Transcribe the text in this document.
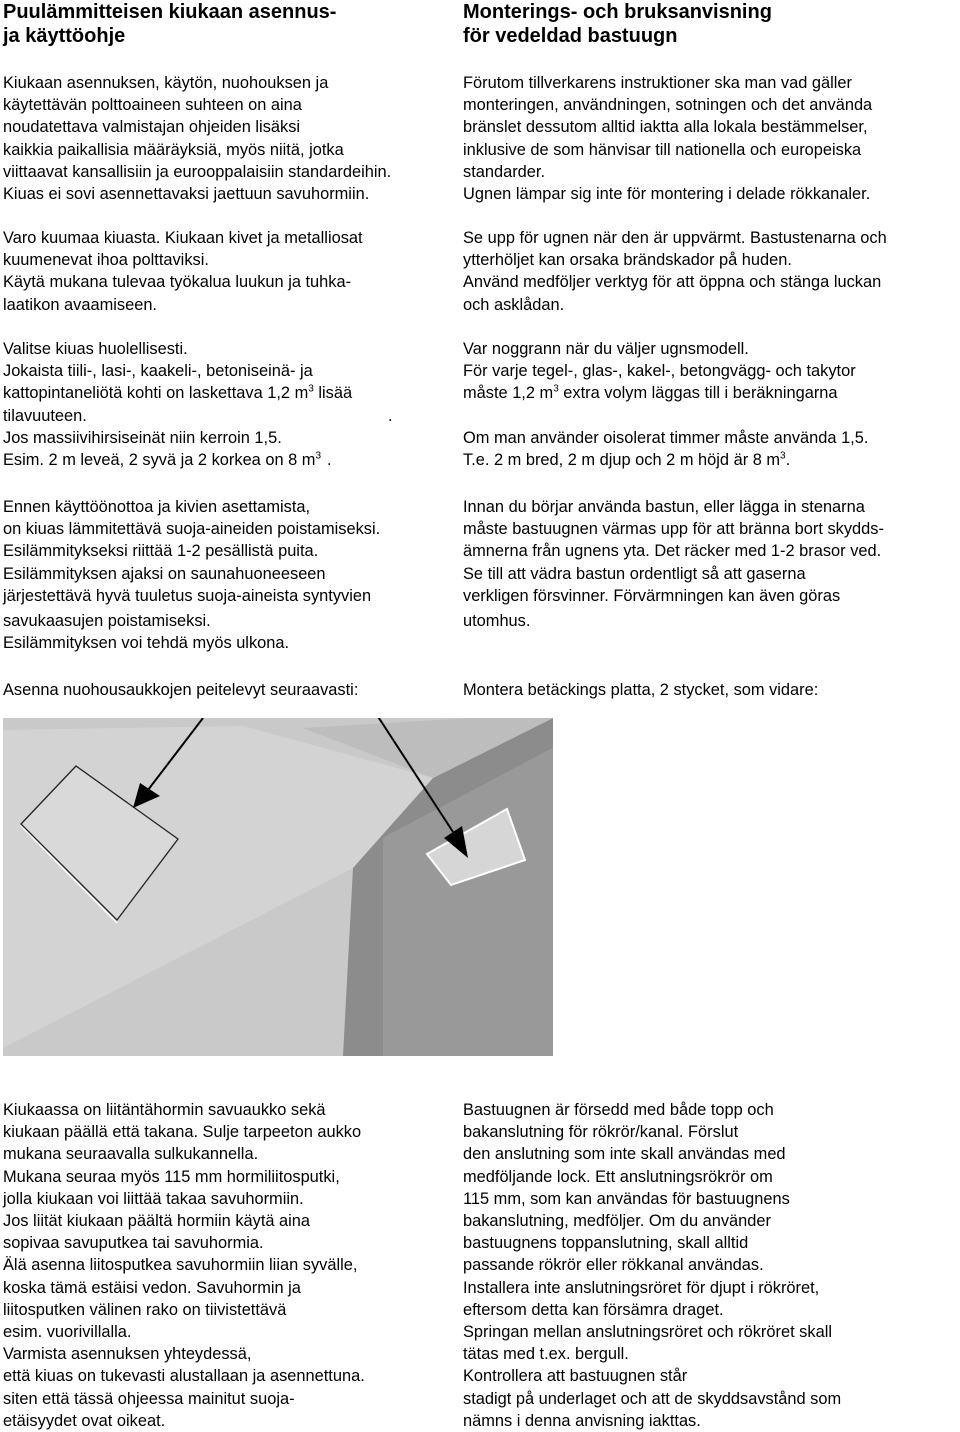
Puulämmitteisen kiukaan asennus-
ja käyttöohje
Monterings- och bruksanvisning
för vedeldad bastuugn

Kiukaan asennuksen, käytön, nuohouksen ja
käytettävän polttoaineen suhteen on aina
noudatettava valmistajan ohjeiden lisäksi
kaikkia paikallisia määräyksiä, myös niitä, jotka
viittaavat kansallisiin ja eurooppalaisiin standardeihin.
Kiuas ei sovi asennettavaksi jaettuun savuhormiin.

Förutom tillverkarens instruktioner ska man vad gäller
monteringen, användningen, sotningen och det använda
bränslet dessutom alltid iaktta alla lokala bestämmelser,
inklusive de som hänvisar till nationella och europeiska
standarder.
Ugnen lämpar sig inte för montering i delade rökkanaler.

Varo kuumaa kiuasta. Kiukaan kivet ja metalliosat
kuumenevat ihoa polttaviksi.
Käytä mukana tulevaa työkalua luukun ja tuhka-
laatikon avaamiseen.

Se upp för ugnen när den är uppvärmt. Bastustenarna och
ytterhöljet kan orsaka brändskador på huden.
Använd medföljer verktyg för att öppna och stänga luckan
och asklådan.

Valitse kiuas huolellisesti.
Jokaista tiili-, lasi-, kaakeli-, betoniseinä- ja
kattopintaneliötä kohti on laskettava 1,2 $m^3$ lisää
tilavuuteen.	.
Jos massiivihirsiseinät niin kerroin 1,5.
Esim. 2 m leveä, 2 syvä ja 2 korkea on 8 $m^3$ .

Var noggrann när du väljer ugnsmodell.
För varje tegel-, glas-, kakel-, betongvägg- och takytor
måste 1,2 $m^3$ extra volym läggas till i beräkningarna

Om man använder oisolerat timmer måste använda 1,5.
T.e. 2 m bred, 2 m djup och 2 m höjd är 8 $m^3$.

Ennen käyttöönottoa ja kivien asettamista,
on kiuas lämmitettävä suoja-aineiden poistamiseksi.
Esilämmitykseksi riittää 1-2 pesällistä puita.
Esilämmityksen ajaksi on saunahuoneeseen
järjestettävä hyvä tuuletus suoja-aineista syntyvien
savukaasujen poistamiseksi.
Esilämmityksen voi tehdä myös ulkona.

Innan du börjar använda bastun, eller lägga in stenarna
måste bastuugnen värmas upp för att bränna bort skydds-
ämnerna från ugnens yta. Det räcker med 1-2 brasor ved.
Se till att vädra bastun ordentligt så att gaserna
verkligen försvinner. Förvärmningen kan även göras
utomhus.

Asenna nuohousaukkojen peitelevyt seuraavasti:	Montera betäckings platta, 2 stycket, som vidare:

Kiukaassa on liitäntähormin savuaukko sekä
kiukaan päällä että takana. Sulje tarpeeton aukko
mukana seuraavalla sulkukannella.
Mukana seuraa myös 115 mm hormiliitosputki,
jolla kiukaan voi liittää takaa savuhormiin.
Jos liität kiukaan päältä hormiin käytä aina
sopivaa savuputkea tai savuhormia.
Älä asenna liitosputkea savuhormiin liian syvälle,
koska tämä estäisi vedon. Savuhormin ja
liitosputken välinen rako on tiivistettävä
esim. vuorivillalla.
Varmista asennuksen yhteydessä,
että kiuas on tukevasti alustallaan ja asennettuna.
siten että tässä ohjeessa mainitut suoja-
etäisyydet ovat oikeat.

Bastuugnen är försedd med både topp och
bakanslutning för rökrör/kanal. Förslut
den anslutning som inte skall användas med
medföljande lock. Ett anslutningsrökrör om
115 mm, som kan användas för bastuugnens
bakanslutning, medföljer. Om du använder
bastuugnens toppanslutning, skall alltid
passande rökrör eller rökkanal användas.
Installera inte anslutningsröret för djupt i rökröret,
eftersom detta kan försämra draget.
Springan mellan anslutningsröret och rökröret skall
tätas med t.ex. bergull.
Kontrollera att bastuugnen står
stadigt på underlaget och att de skyddsavstånd som
nämns i denna anvisning iakttas.
